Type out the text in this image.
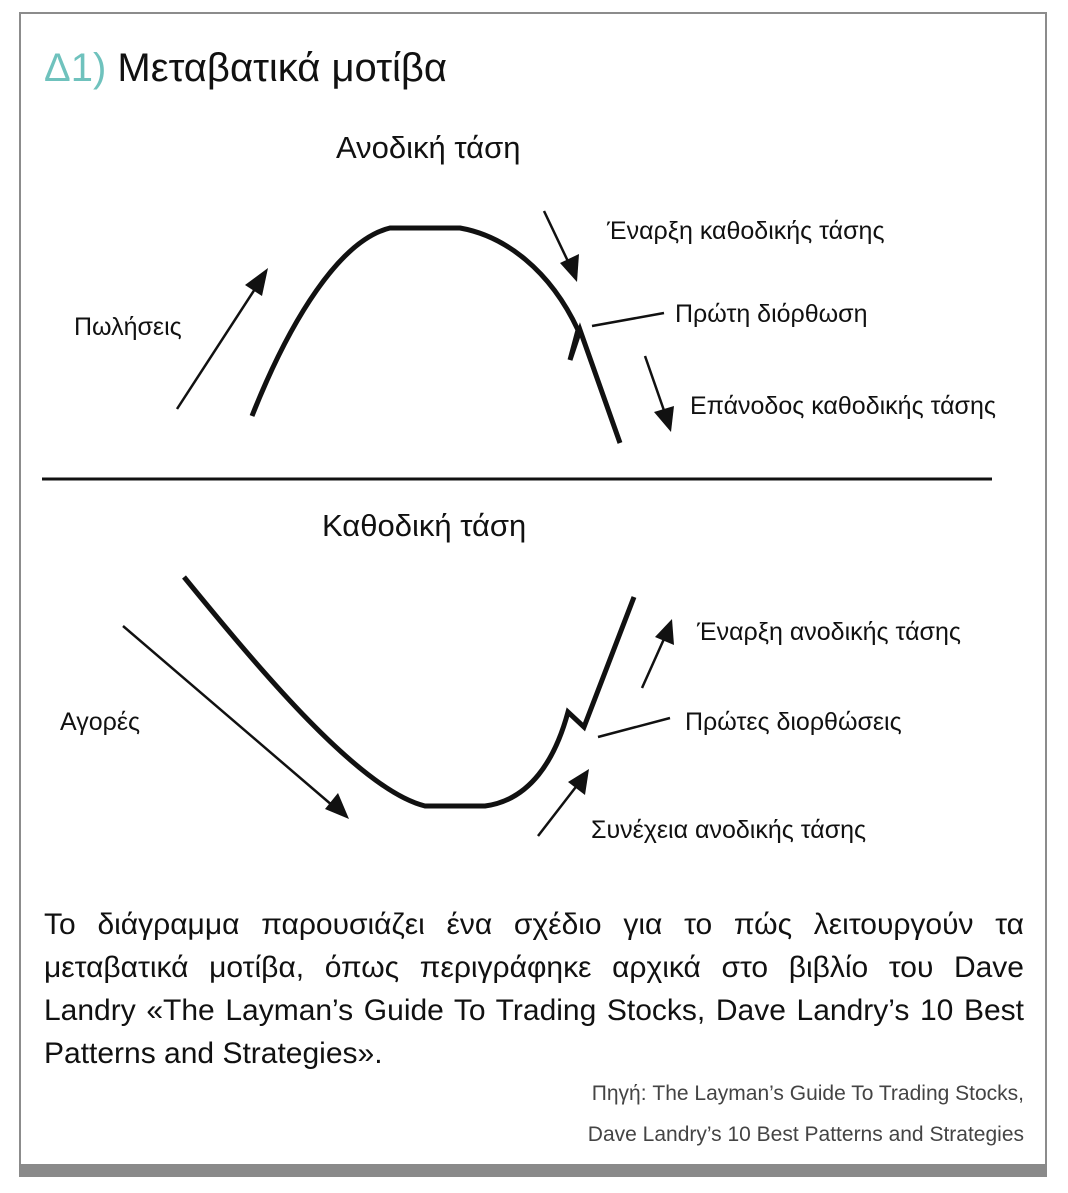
Δ1) Μεταβατικά μοτίβα
Ανοδική τάση
Πωλήσεις
Έναρξη καθοδικής τάσης
Πρώτη διόρθωση
Επάνοδος καθοδικής τάσης
Καθοδική τάση
Αγορές
Έναρξη ανοδικής τάσης
Πρώτες διορθώσεις
Συνέχεια ανοδικής τάσης
Το διάγραμμα παρουσιάζει ένα σχέδιο για το πώς λειτουργούν τα μεταβατικά μοτίβα, όπως περιγράφηκε αρχικά στο βιβλίο του Dave Landry «The Layman’s Guide To Trading Stocks, Dave Landry’s 10 Best Patterns and Strategies».
Πηγή: The Layman’s Guide To Trading Stocks,
Dave Landry’s 10 Best Patterns and Strategies
